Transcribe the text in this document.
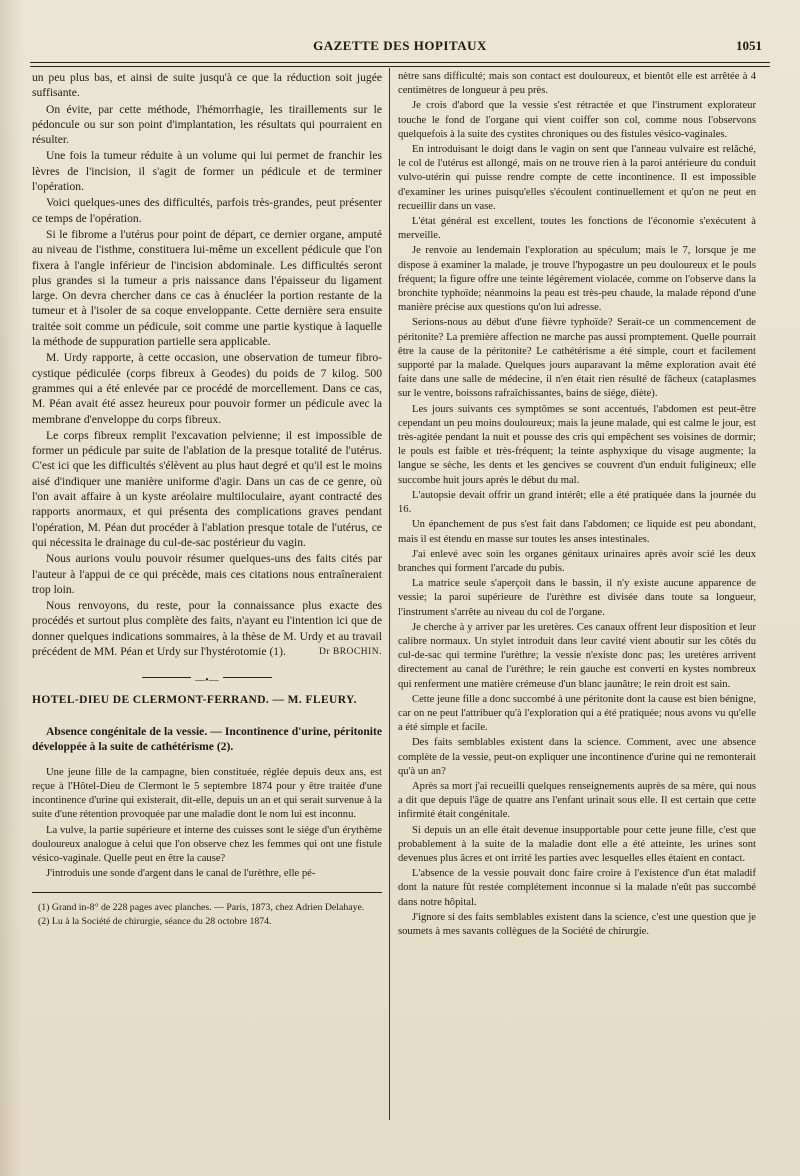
GAZETTE DES HOPITAUX	1051

un peu plus bas, et ainsi de suite jusqu'à ce que la réduction soit jugée suffisante.

On évite, par cette méthode, l'hémorrhagie, les tiraillements sur le pédoncule ou sur son point d'implantation, les résultats qui pourraient en résulter.

Une fois la tumeur réduite à un volume qui lui permet de franchir les lèvres de l'incision, il s'agit de former un pédicule et de terminer l'opération.

Voici quelques-unes des difficultés, parfois très-grandes, peut présenter ce temps de l'opération.

Si le fibrome a l'utérus pour point de départ, ce dernier organe, amputé au niveau de l'isthme, constituera lui-même un excellent pédicule que l'on fixera à l'angle inférieur de l'incision abdominale. Les difficultés seront plus grandes si la tumeur a pris naissance dans l'épaisseur du ligament large. On devra chercher dans ce cas à énucléer la portion restante de la tumeur et à l'isoler de sa coque enveloppante. Cette dernière sera ensuite traitée soit comme un pédicule, soit comme une partie kystique à laquelle la méthode de suppuration partielle sera applicable.

M. Urdy rapporte, à cette occasion, une observation de tumeur fibro-cystique pédiculée (corps fibreux à Geodes) du poids de 7 kilog. 500 grammes qui a été enlevée par ce procédé de morcellement. Dans ce cas, M. Péan avait été assez heureux pour pouvoir former un pédicule avec la membrane d'enveloppe du corps fibreux.

Le corps fibreux remplit l'excavation pelvienne; il est impossible de former un pédicule par suite de l'ablation de la presque totalité de l'utérus. C'est ici que les difficultés s'élèvent au plus haut degré et qu'il est le moins aisé d'indiquer une manière uniforme d'agir. Dans un cas de ce genre, où l'on avait affaire à un kyste aréolaire multiloculaire, ayant contracté des rapports anormaux, et qui présenta des complications graves pendant l'opération, M. Péan dut procéder à l'ablation presque totale de l'utérus, ce qui nécessita le drainage du cul-de-sac postérieur du vagin.

Nous aurions voulu pouvoir résumer quelques-uns des faits cités par l'auteur à l'appui de ce qui précède, mais ces citations nous entraîneraient trop loin.

Nous renvoyons, du reste, pour la connaissance plus exacte des procédés et surtout plus complète des faits, n'ayant eu l'intention ici que de donner quelques indications sommaires, à la thèse de M. Urdy et au travail précédent de MM. Péan et Urdy sur l'hystérotomie (1).	Dr BROCHIN.
—•—
HOTEL-DIEU DE CLERMONT-FERRAND. — M. FLEURY.
Absence congénitale de la vessie. — Incontinence d'urine, péritonite développée à la suite de cathétérisme (2).

Une jeune fille de la campagne, bien constituée, réglée depuis deux ans, est reçue à l'Hôtel-Dieu de Clermont le 5 septembre 1874 pour y être traitée d'une incontinence d'urine qui existerait, dit-elle, depuis un an et qui serait survenue à la suite d'une rétention provoquée par une maladie dont le nom lui est inconnu.

La vulve, la partie supérieure et interne des cuisses sont le siége d'un érythème douloureux analogue à celui que l'on observe chez les femmes qui ont une fistule vésico-vaginale. Quelle peut en être la cause?

J'introduis une sonde d'argent dans le canal de l'urèthre, elle pé-

(1) Grand in-8° de 228 pages avec planches. — Paris, 1873, chez Adrien Delahaye.

(2) Lu à la Société de chirurgie, séance du 28 octobre 1874.

nètre sans difficulté; mais son contact est douloureux, et bientôt elle est arrêtée à 4 centimètres de longueur à peu près.

Je crois d'abord que la vessie s'est rétractée et que l'instrument explorateur touche le fond de l'organe qui vient coiffer son col, comme nous l'observons quelquefois à la suite des cystites chroniques ou des fistules vésico-vaginales.

En introduisant le doigt dans le vagin on sent que l'anneau vulvaire est relâché, le col de l'utérus est allongé, mais on ne trouve rien à la paroi antérieure du conduit vulvo-utérin qui puisse rendre compte de cette incontinence. Il est impossible d'examiner les urines puisqu'elles s'écoulent continuellement et qu'on ne peut en recueillir dans un vase.

L'état général est excellent, toutes les fonctions de l'économie s'exécutent à merveille.

Je renvoie au lendemain l'exploration au spéculum; mais le 7, lorsque je me dispose à examiner la malade, je trouve l'hypogastre un peu douloureux et le pouls fréquent; la figure offre une teinte légèrement violacée, comme on l'observe dans la bronchite typhoïde; néanmoins la peau est très-peu chaude, la malade répond d'une manière précise aux questions qu'on lui adresse.

Serions-nous au début d'une fièvre typhoïde? Serait-ce un commencement de péritonite? La première affection ne marche pas aussi promptement. Quelle pourrait être la cause de la péritonite? Le cathétérisme a été simple, court et facilement supporté par la malade. Quelques jours auparavant la même exploration avait été faite dans une salle de médecine, il n'en était rien résulté de fâcheux (cataplasmes sur le ventre, boissons rafraîchissantes, bains de siége, diète).

Les jours suivants ces symptômes se sont accentués, l'abdomen est peut-être cependant un peu moins douloureux; mais la jeune malade, qui est calme le jour, est très-agitée pendant la nuit et pousse des cris qui empêchent ses voisines de dormir; le pouls est faible et très-fréquent; la teinte asphyxique du visage augmente; la langue se sèche, les dents et les gencives se couvrent d'un enduit fuligineux; elle succombe huit jours après le début du mal.

L'autopsie devait offrir un grand intérêt; elle a été pratiquée dans la journée du 16.

Un épanchement de pus s'est fait dans l'abdomen; ce liquide est peu abondant, mais il est étendu en masse sur toutes les anses intestinales.

J'ai enlevé avec soin les organes génitaux urinaires après avoir scié les deux branches qui forment l'arcade du pubis.

La matrice seule s'aperçoit dans le bassin, il n'y existe aucune apparence de vessie; la paroi supérieure de l'urèthre est divisée dans toute sa longueur, l'instrument s'arrête au niveau du col de l'organe.

Je cherche à y arriver par les uretères. Ces canaux offrent leur disposition et leur calibre normaux. Un stylet introduit dans leur cavité vient aboutir sur les côtés du cul-de-sac qui termine l'urèthre; la vessie n'existe donc pas; les uretères arrivent directement au canal de l'urèthre; le rein gauche est converti en kystes nombreux qui renferment une matière crémeuse d'un blanc jaunâtre; le rein droit est sain.

Cette jeune fille a donc succombé à une péritonite dont la cause est bien bénigne, car on ne peut l'attribuer qu'à l'exploration qui a été pratiquée; nous avons vu qu'elle a été simple et facile.

Des faits semblables existent dans la science. Comment, avec une absence complète de la vessie, peut-on expliquer une incontinence d'urine qui ne remonterait qu'à un an?

Après sa mort j'ai recueilli quelques renseignements auprès de sa mère, qui nous a dit que depuis l'âge de quatre ans l'enfant urinait sous elle. Il est certain que cette infirmité était congénitale.

Si depuis un an elle était devenue insupportable pour cette jeune fille, c'est que probablement à la suite de la maladie dont elle a été atteinte, les urines sont devenues plus âcres et ont irrité les parties avec lesquelles elles étaient en contact.

L'absence de la vessie pouvait donc faire croire à l'existence d'un état maladif dont la nature fût restée complétement inconnue si la malade n'eût pas succombé dans notre hôpital.

J'ignore si des faits semblables existent dans la science, c'est une question que je soumets à mes savants collègues de la Société de chirurgie.
